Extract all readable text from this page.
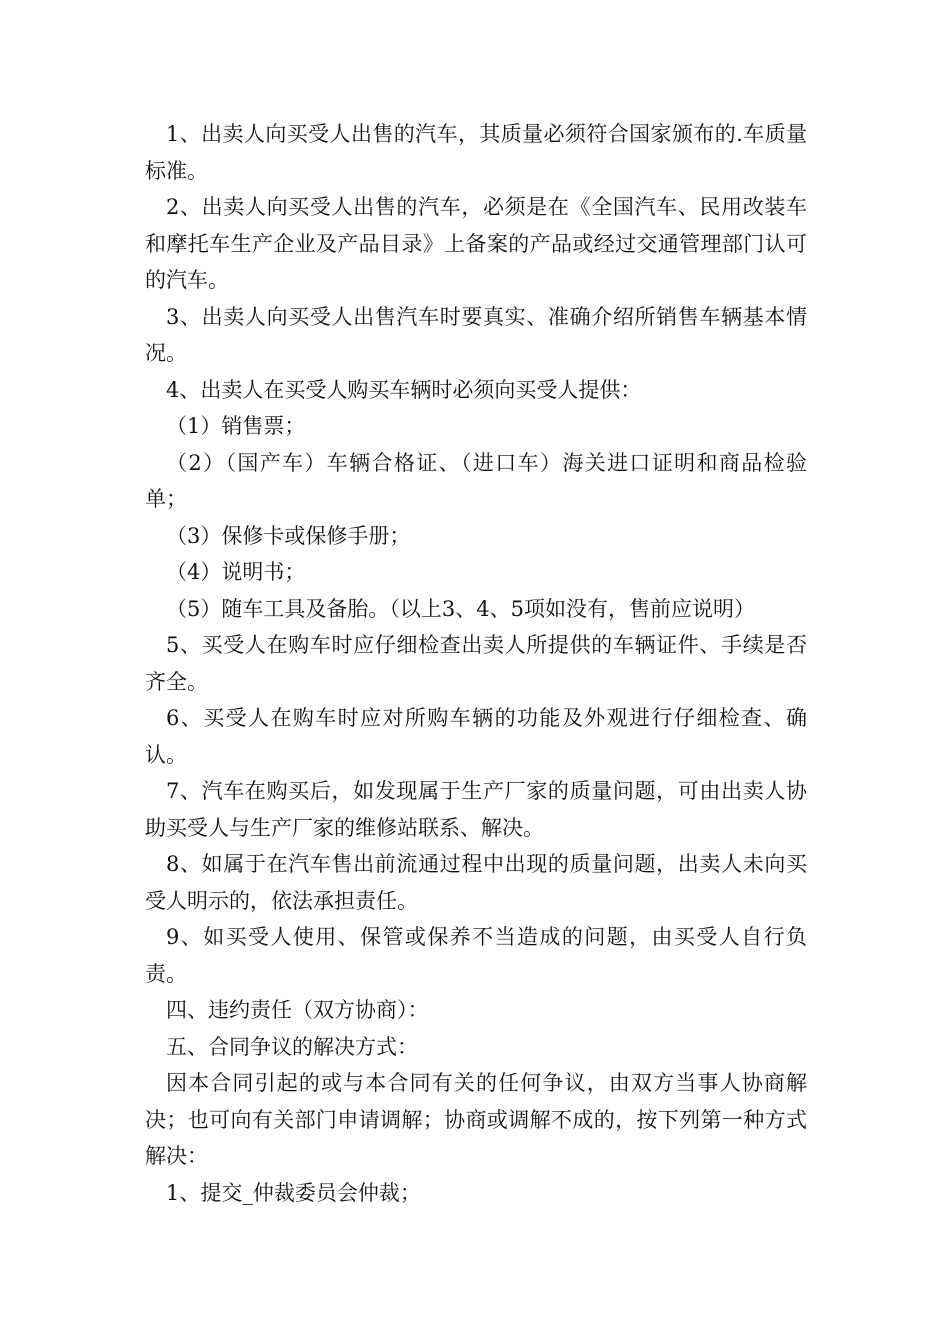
1、出卖人向买受人出售的汽车，其质量必须符合国家颁布的.车质量标准。

2、出卖人向买受人出售的汽车，必须是在《全国汽车、民用改装车和摩托车生产企业及产品目录》上备案的产品或经过交通管理部门认可的汽车。

3、出卖人向买受人出售汽车时要真实、准确介绍所销售车辆基本情况。

4、出卖人在买受人购买车辆时必须向买受人提供：

（1）销售票；

（2）（国产车）车辆合格证、（进口车）海关进口证明和商品检验单；

（3）保修卡或保修手册；

（4）说明书；

（5）随车工具及备胎。（以上3、4、5项如没有，售前应说明）

5、买受人在购车时应仔细检查出卖人所提供的车辆证件、手续是否齐全。

6、买受人在购车时应对所购车辆的功能及外观进行仔细检查、确认。

7、汽车在购买后，如发现属于生产厂家的质量问题，可由出卖人协助买受人与生产厂家的维修站联系、解决。

8、如属于在汽车售出前流通过程中出现的质量问题，出卖人未向买受人明示的，依法承担责任。

9、如买受人使用、保管或保养不当造成的问题，由买受人自行负责。

四、违约责任（双方协商）：

五、合同争议的解决方式：

因本合同引起的或与本合同有关的任何争议，由双方当事人协商解决；也可向有关部门申请调解；协商或调解不成的，按下列第一种方式解决：

1、提交_仲裁委员会仲裁；
